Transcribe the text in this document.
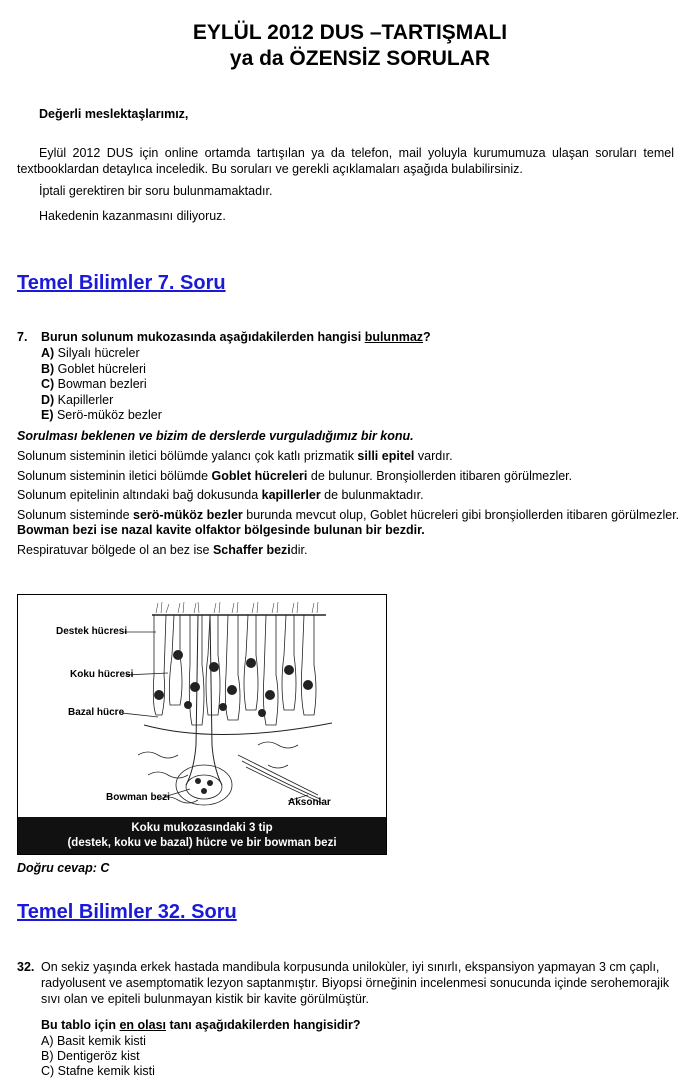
EYLÜL 2012 DUS –TARTIŞMALI
ya da ÖZENSİZ SORULAR
Değerli meslektaşlarımız,
Eylül 2012 DUS için online ortamda tartışılan ya da telefon, mail yoluyla kurumumuza ulaşan soruları temel textbooklardan detaylıca inceledik. Bu soruları ve gerekli açıklamaları aşağıda bulabilirsiniz.
İptali gerektiren bir soru bulunmamaktadır.
Hakedenin kazanmasını diliyoruz.
Temel Bilimler 7. Soru
7. Burun solunum mukozasında aşağıdakilerden hangisi bulunmaz?
A) Silyalı hücreler
B) Goblet hücreleri
C) Bowman bezleri
D) Kapillerler
E) Serö-müköz bezler
Sorulması beklenen ve bizim de derslerde vurguladığımız bir konu.
Solunum sisteminin iletici bölümde yalancı çok katlı prizmatik silli epitel vardır.
Solunum sisteminin iletici bölümde Goblet hücreleri de bulunur. Bronşiollerden itibaren görülmezler.
Solunum epitelinin altındaki bağ dokusunda kapillerler de bulunmaktadır.
Solunum sisteminde serö-müköz bezler burunda mevcut olup, Goblet hücreleri gibi bronşiollerden itibaren görülmezler.
Bowman bezi ise nazal kavite olfaktor bölgesinde bulunan bir bezdir.
Respiratuvar bölgede ol an bez ise Schaffer bezidir.
Destek hücresi
Koku hücresi
Bazal hücre
Bowman bezi	Aksonlar
Koku mukozasındaki 3 tip
(destek, koku ve bazal) hücre ve bir bowman bezi
Doğru cevap: C
Temel Bilimler 32. Soru
32. On sekiz yaşında erkek hastada mandibula korpusunda unilokùler, iyi sınırlı, ekspansiyon yapmayan 3 cm çaplı, radyolusent ve asemptomatik lezyon saptanmıştır. Biyopsi örneğinin incelenmesi sonucunda içinde serohemorajik sıvı olan ve epiteli bulunmayan kistik bir kavite görülmüştür.
Bu tablo için en olası tanı aşağıdakilerden hangisidir?
A) Basit kemik kisti
B) Dentigeröz kist
C) Stafne kemik kisti
